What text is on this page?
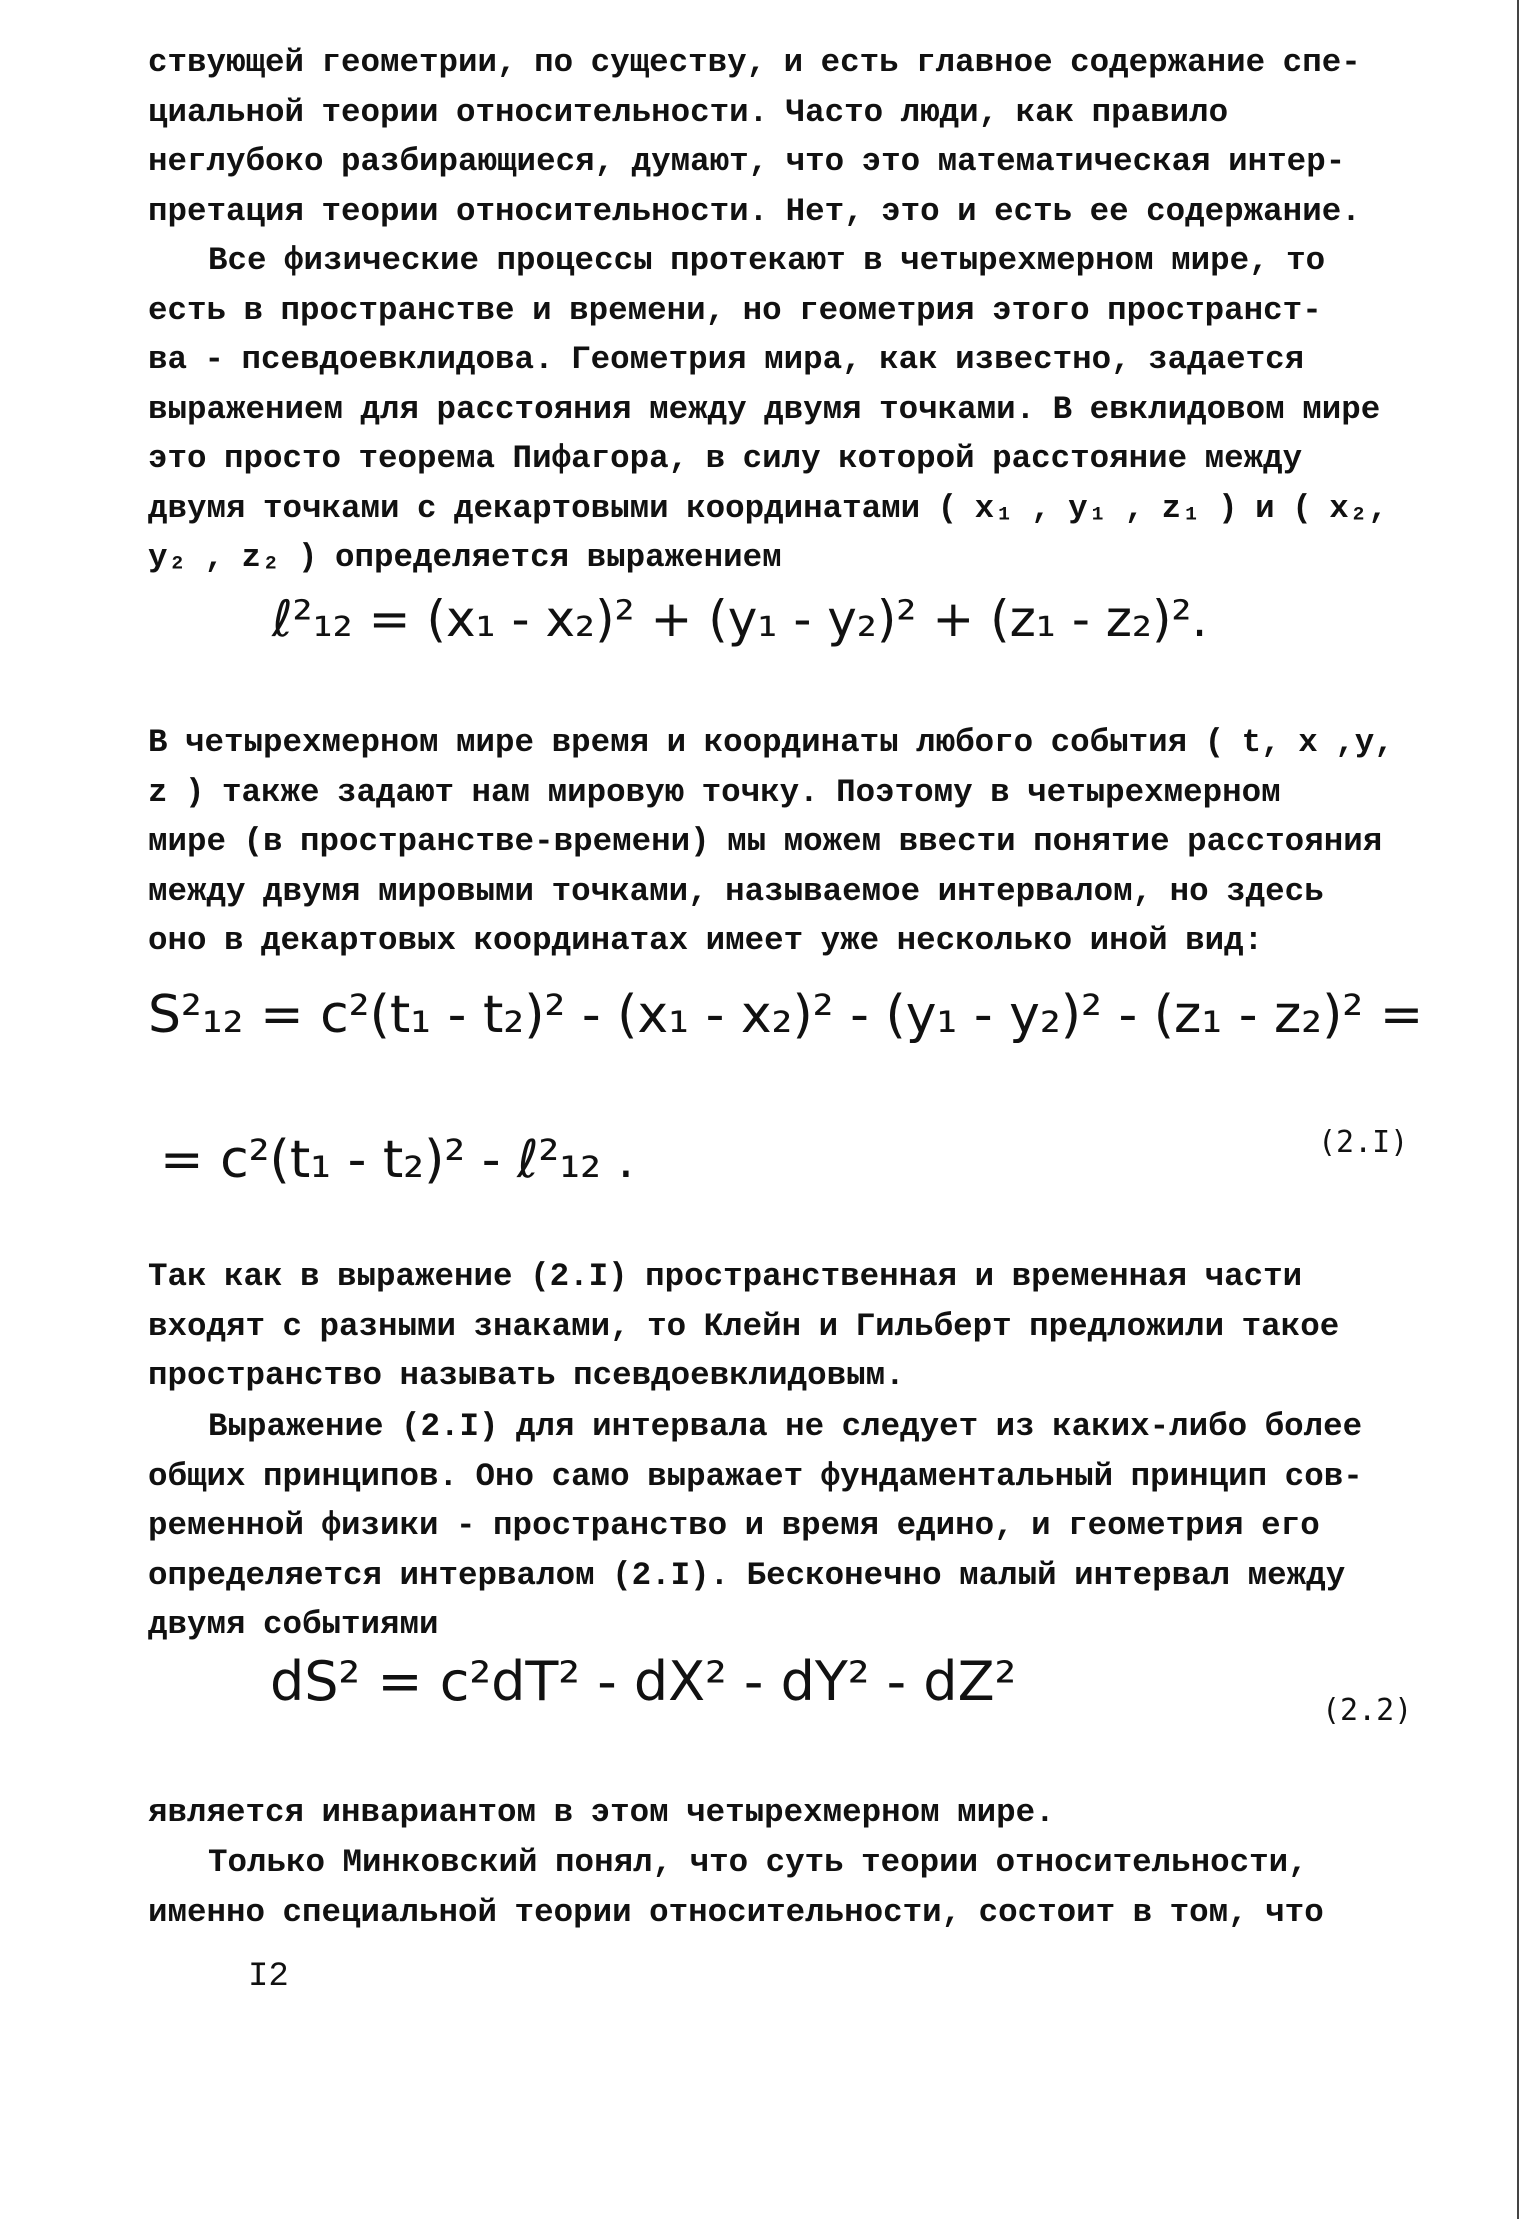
ствующей геометрии, по существу, и есть главное содержание спе-
циальной теории относительности. Часто люди, как правило
неглубоко разбирающиеся, думают, что это математическая интер-
претация теории относительности. Нет, это и есть ее содержание.
Все физические процессы протекают в четырехмерном мире, то
есть в пространстве и времени, но геометрия этого пространст-
ва - псевдоевклидова. Геометрия мира, как известно, задается
выражением для расстояния между двумя точками. В евклидовом мире
это просто теорема Пифагора, в силу которой расстояние между
двумя точками с декартовыми координатами ( x₁ , y₁ , z₁ ) и ( x₂,
y₂ , z₂ ) определяется выражением
ℓ²₁₂ = (x₁ - x₂)² + (y₁ - y₂)² + (z₁ - z₂)².
В четырехмерном мире время и координаты любого события ( t, x ,y,
z ) также задают нам мировую точку. Поэтому в четырехмерном
мире (в пространстве-времени) мы можем ввести понятие расстояния
между двумя мировыми точками, называемое интервалом, но здесь
оно в декартовых координатах имеет уже несколько иной вид:
S²₁₂ = c²(t₁ - t₂)² - (x₁ - x₂)² - (y₁ - y₂)² - (z₁ - z₂)² =
= c²(t₁ - t₂)² - ℓ²₁₂ .	(2.I)
Так как в выражение (2.I) пространственная и временная части
входят с разными знаками, то Клейн и Гильберт предложили такое
пространство называть псевдоевклидовым.
Выражение (2.I) для интервала не следует из каких-либо более
общих принципов. Оно само выражает фундаментальный принцип сов-
ременной физики - пространство и время едино, и геометрия его
определяется интервалом (2.I). Бесконечно малый интервал между
двумя событиями
dS² = c²dT² - dX² - dY² - dZ²	(2.2)
является инвариантом в этом четырехмерном мире.
Только Минковский понял, что суть теории относительности,
именно специальной теории относительности, состоит в том, что
I2
